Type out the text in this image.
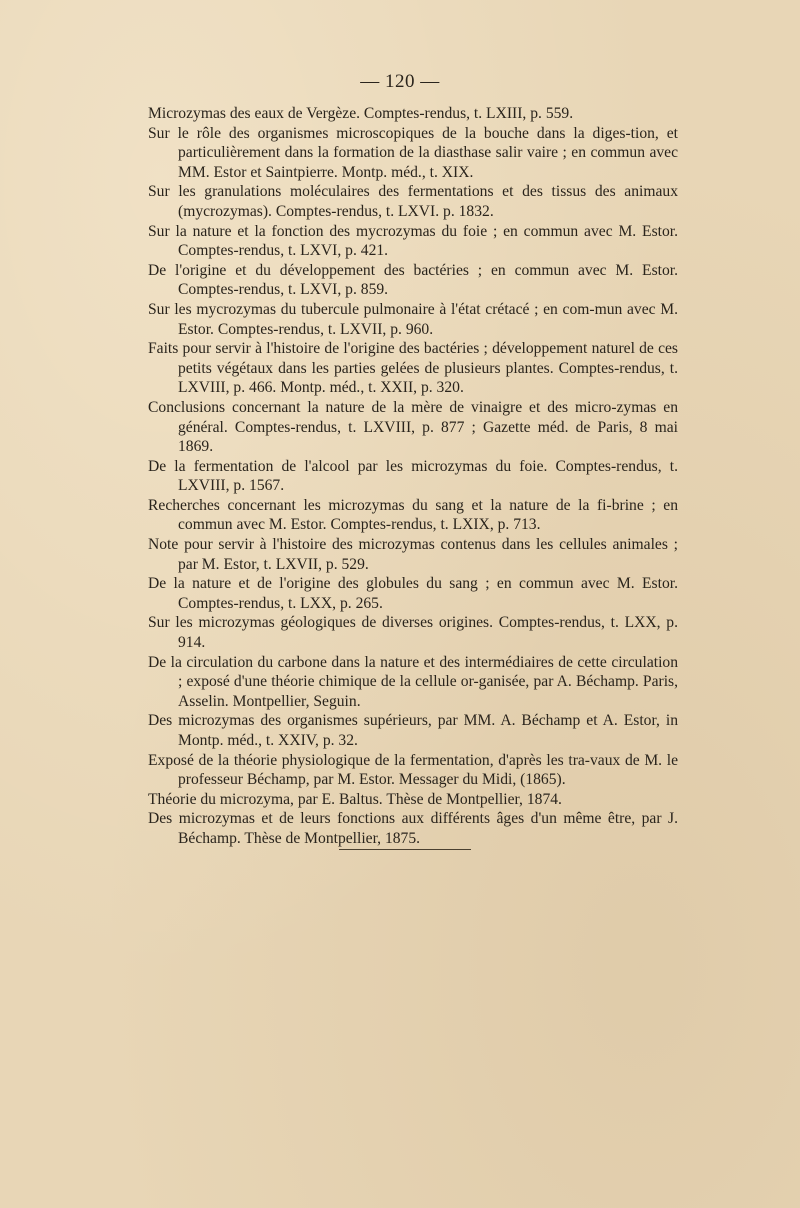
— 120 —
Microzymas des eaux de Vergèze. Comptes-rendus, t. LXIII, p. 559.
Sur le rôle des organismes microscopiques de la bouche dans la diges-tion, et particulièrement dans la formation de la diasthase salir vaire ; en commun avec MM. Estor et Saintpierre. Montp. méd., t. XIX.
Sur les granulations moléculaires des fermentations et des tissus des animaux (mycrozymas). Comptes-rendus, t. LXVI. p. 1832.
Sur la nature et la fonction des mycrozymas du foie ; en commun avec M. Estor. Comptes-rendus, t. LXVI, p. 421.
De l'origine et du développement des bactéries ; en commun avec M. Estor. Comptes-rendus, t. LXVI, p. 859.
Sur les mycrozymas du tubercule pulmonaire à l'état crétacé ; en com-mun avec M. Estor. Comptes-rendus, t. LXVII, p. 960.
Faits pour servir à l'histoire de l'origine des bactéries ; développement naturel de ces petits végétaux dans les parties gelées de plusieurs plantes. Comptes-rendus, t. LXVIII, p. 466. Montp. méd., t. XXII, p. 320.
Conclusions concernant la nature de la mère de vinaigre et des micro-zymas en général. Comptes-rendus, t. LXVIII, p. 877 ; Gazette méd. de Paris, 8 mai 1869.
De la fermentation de l'alcool par les microzymas du foie. Comptes-rendus, t. LXVIII, p. 1567.
Recherches concernant les microzymas du sang et la nature de la fi-brine ; en commun avec M. Estor. Comptes-rendus, t. LXIX, p. 713.
Note pour servir à l'histoire des microzymas contenus dans les cellules animales ; par M. Estor, t. LXVII, p. 529.
De la nature et de l'origine des globules du sang ; en commun avec M. Estor. Comptes-rendus, t. LXX, p. 265.
Sur les microzymas géologiques de diverses origines. Comptes-rendus, t. LXX, p. 914.
De la circulation du carbone dans la nature et des intermédiaires de cette circulation ; exposé d'une théorie chimique de la cellule or-ganisée, par A. Béchamp. Paris, Asselin. Montpellier, Seguin.
Des microzymas des organismes supérieurs, par MM. A. Béchamp et A. Estor, in Montp. méd., t. XXIV, p. 32.
Exposé de la théorie physiologique de la fermentation, d'après les tra-vaux de M. le professeur Béchamp, par M. Estor. Messager du Midi, (1865).
Théorie du microzyma, par E. Baltus. Thèse de Montpellier, 1874.
Des microzymas et de leurs fonctions aux différents âges d'un même être, par J. Béchamp. Thèse de Montpellier, 1875.
